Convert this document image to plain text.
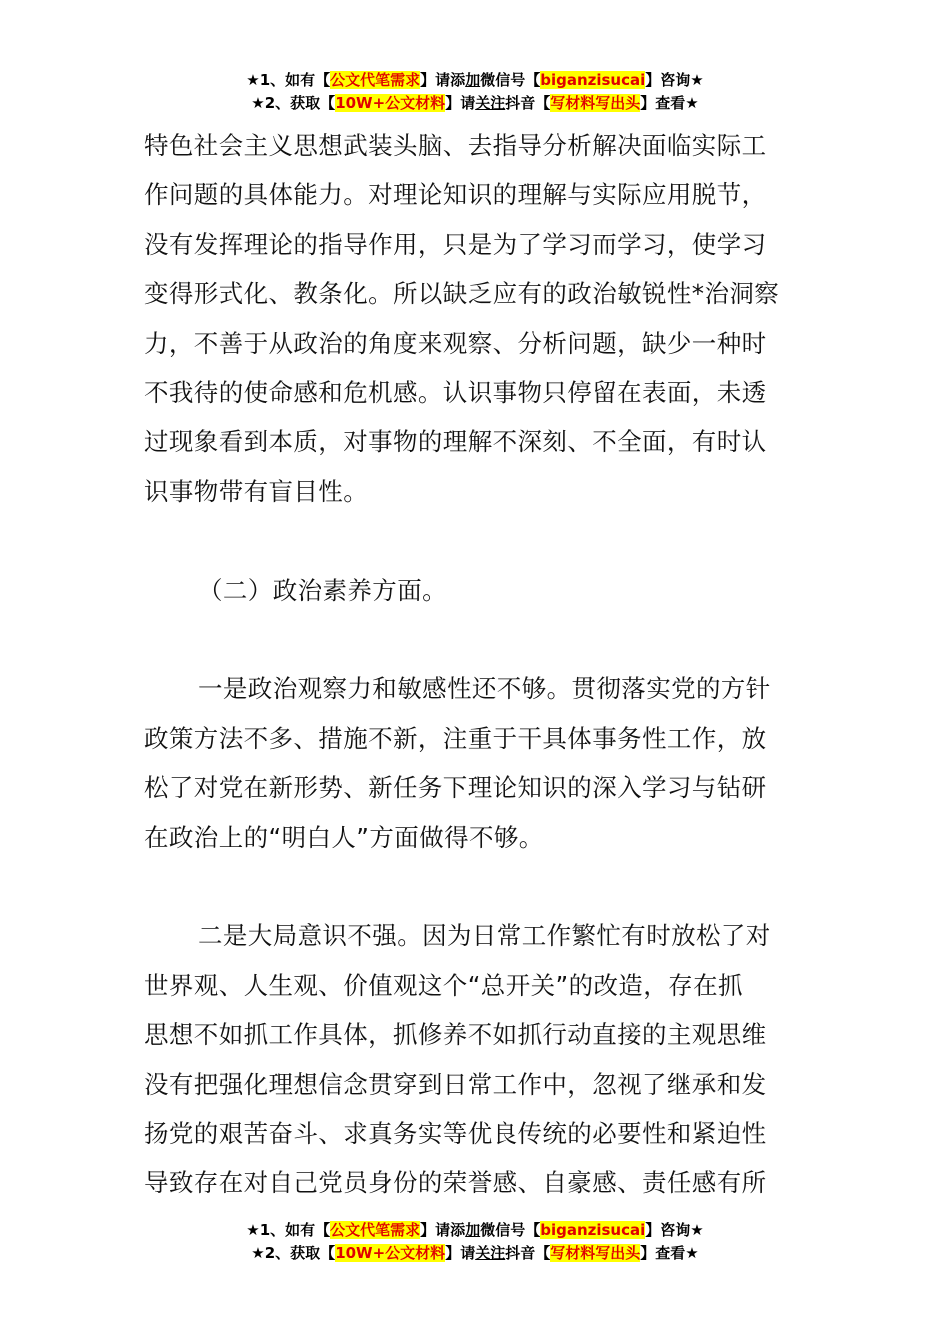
★1、如有【公文代笔需求】请添加微信号【biganzisucai】咨询★
★2、获取【10W+公文材料】请关注抖音【写材料写出头】查看★

特色社会主义思想武装头脑、去指导分析解决面临实际工

作问题的具体能力。对理论知识的理解与实际应用脱节，

没有发挥理论的指导作用，只是为了学习而学习，使学习

变得形式化、教条化。所以缺乏应有的政治敏锐性*治洞察

力，不善于从政治的角度来观察、分析问题，缺少一种时

不我待的使命感和危机感。认识事物只停留在表面，未透

过现象看到本质，对事物的理解不深刻、不全面，有时认

识事物带有盲目性。

（二）政治素养方面。

一是政治观察力和敏感性还不够。贯彻落实党的方针

政策方法不多、措施不新，注重于干具体事务性工作，放

松了对党在新形势、新任务下理论知识的深入学习与钻研

在政治上的“明白人”方面做得不够。

二是大局意识不强。因为日常工作繁忙有时放松了对

世界观、人生观、价值观这个“总开关”的改造，存在抓

思想不如抓工作具体，抓修养不如抓行动直接的主观思维

没有把强化理想信念贯穿到日常工作中，忽视了继承和发

扬党的艰苦奋斗、求真务实等优良传统的必要性和紧迫性

导致存在对自己党员身份的荣誉感、自豪感、责任感有所

★1、如有【公文代笔需求】请添加微信号【biganzisucai】咨询★
★2、获取【10W+公文材料】请关注抖音【写材料写出头】查看★
